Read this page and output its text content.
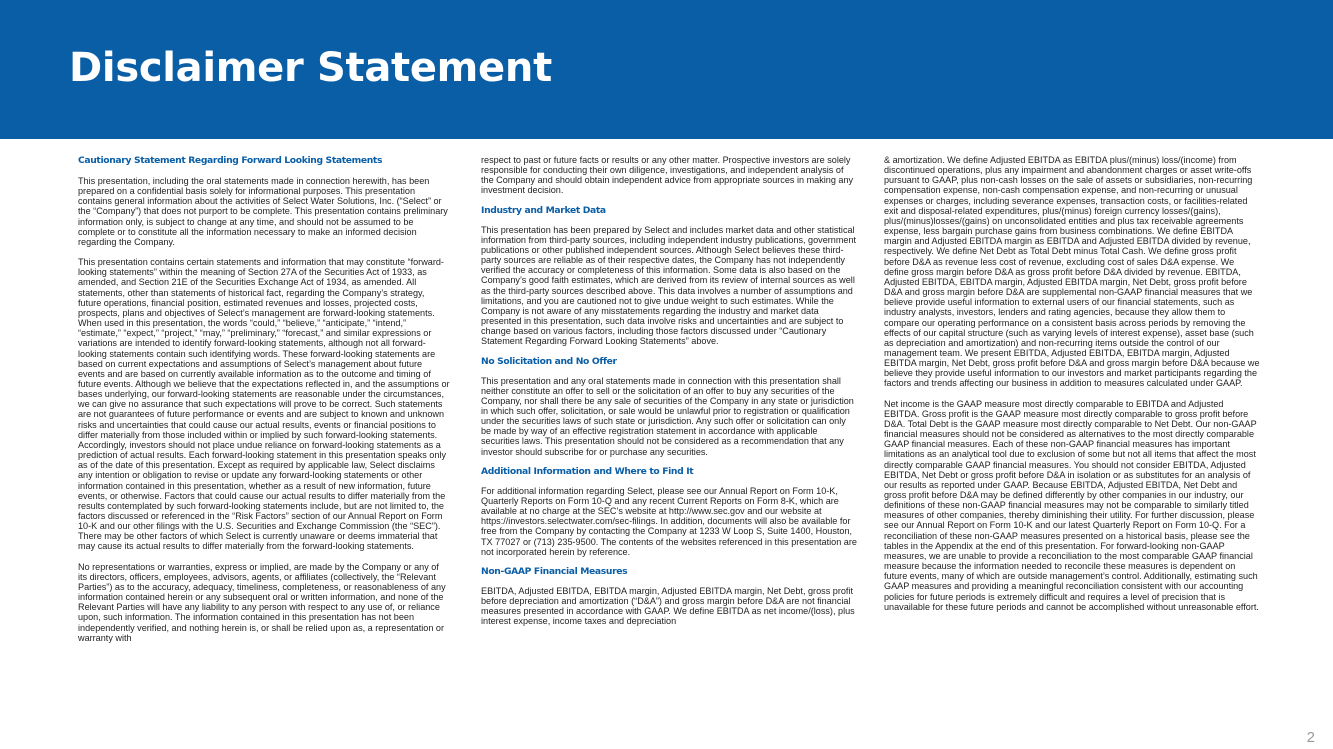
Disclaimer Statement
Cautionary Statement Regarding Forward Looking Statements

This presentation, including the oral statements made in connection herewith, has been prepared on a confidential basis solely for informational purposes. This presentation contains general information about the activities of Select Water Solutions, Inc. (“Select” or the “Company”) that does not purport to be complete. This presentation contains preliminary information only, is subject to change at any time, and should not be assumed to be complete or to constitute all the information necessary to make an informed decision regarding the Company.

This presentation contains certain statements and information that may constitute “forward-looking statements” within the meaning of Section 27A of the Securities Act of 1933, as amended, and Section 21E of the Securities Exchange Act of 1934, as amended. All statements, other than statements of historical fact, regarding the Company’s strategy, future operations, financial position, estimated revenues and losses, projected costs, prospects, plans and objectives of Select’s management are forward-looking statements. When used in this presentation, the words “could,” “believe,” “anticipate,” “intend,” “estimate,” “expect,” “project,” “may,” “preliminary,” “forecast,” and similar expressions or variations are intended to identify forward-looking statements, although not all forward-looking statements contain such identifying words. These forward-looking statements are based on current expectations and assumptions of Select’s management about future events and are based on currently available information as to the outcome and timing of future events. Although we believe that the expectations reflected in, and the assumptions or bases underlying, our forward-looking statements are reasonable under the circumstances, we can give no assurance that such expectations will prove to be correct. Such statements are not guarantees of future performance or events and are subject to known and unknown risks and uncertainties that could cause our actual results, events or financial positions to differ materially from those included within or implied by such forward-looking statements. Accordingly, investors should not place undue reliance on forward-looking statements as a prediction of actual results. Each forward-looking statement in this presentation speaks only as of the date of this presentation. Except as required by applicable law, Select disclaims any intention or obligation to revise or update any forward-looking statements or other information contained in this presentation, whether as a result of new information, future events, or otherwise. Factors that could cause our actual results to differ materially from the results contemplated by such forward-looking statements include, but are not limited to, the factors discussed or referenced in the “Risk Factors” section of our Annual Report on Form 10-K and our other filings with the U.S. Securities and Exchange Commission (the “SEC”). There may be other factors of which Select is currently unaware or deems immaterial that may cause its actual results to differ materially from the forward-looking statements.

No representations or warranties, express or implied, are made by the Company or any of its directors, officers, employees, advisors, agents, or affiliates (collectively, the “Relevant Parties”) as to the accuracy, adequacy, timeliness, completeness, or reasonableness of any information contained herein or any subsequent oral or written information, and none of the Relevant Parties will have any liability to any person with respect to any use of, or reliance upon, such information. The information contained in this presentation has not been independently verified, and nothing herein is, or shall be relied upon as, a representation or warranty with

respect to past or future facts or results or any other matter. Prospective investors are solely responsible for conducting their own diligence, investigations, and independent analysis of the Company and should obtain independent advice from appropriate sources in making any investment decision.

Industry and Market Data

This presentation has been prepared by Select and includes market data and other statistical information from third-party sources, including independent industry publications, government publications or other published independent sources. Although Select believes these third-party sources are reliable as of their respective dates, the Company has not independently verified the accuracy or completeness of this information. Some data is also based on the Company’s good faith estimates, which are derived from its review of internal sources as well as the third-party sources described above. This data involves a number of assumptions and limitations, and you are cautioned not to give undue weight to such estimates. While the Company is not aware of any misstatements regarding the industry and market data presented in this presentation, such data involve risks and uncertainties and are subject to change based on various factors, including those factors discussed under “Cautionary Statement Regarding Forward Looking Statements” above.

No Solicitation and No Offer

This presentation and any oral statements made in connection with this presentation shall neither constitute an offer to sell or the solicitation of an offer to buy any securities of the Company, nor shall there be any sale of securities of the Company in any state or jurisdiction in which such offer, solicitation, or sale would be unlawful prior to registration or qualification under the securities laws of such state or jurisdiction. Any such offer or solicitation can only be made by way of an effective registration statement in accordance with applicable securities laws. This presentation should not be considered as a recommendation that any investor should subscribe for or purchase any securities.

Additional Information and Where to Find It

For additional information regarding Select, please see our Annual Report on Form 10-K, Quarterly Reports on Form 10-Q and any recent Current Reports on Form 8-K, which are available at no charge at the SEC’s website at http://www.sec.gov and our website at https://investors.selectwater.com/sec-filings. In addition, documents will also be available for free from the Company by contacting the Company at 1233 W Loop S, Suite 1400, Houston, TX 77027 or (713) 235-9500. The contents of the websites referenced in this presentation are not incorporated herein by reference.

Non-GAAP Financial Measures

EBITDA, Adjusted EBITDA, EBITDA margin, Adjusted EBITDA margin, Net Debt, gross profit before depreciation and amortization (“D&A”) and gross margin before D&A are not financial measures presented in accordance with GAAP. We define EBITDA as net income/(loss), plus interest expense, income taxes and depreciation

& amortization. We define Adjusted EBITDA as EBITDA plus/(minus) loss/(income) from discontinued operations, plus any impairment and abandonment charges or asset write-offs pursuant to GAAP, plus non-cash losses on the sale of assets or subsidiaries, non-recurring compensation expense, non-cash compensation expense, and non-recurring or unusual expenses or charges, including severance expenses, transaction costs, or facilities-related exit and disposal-related expenditures, plus/(minus) foreign currency losses/(gains), plus/(minus)losses/(gains) on unconsolidated entities and plus tax receivable agreements expense, less bargain purchase gains from business combinations. We define EBITDA margin and Adjusted EBITDA margin as EBITDA and Adjusted EBITDA divided by revenue, respectively. We define Net Debt as Total Debt minus Total Cash. We define gross profit before D&A as revenue less cost of revenue, excluding cost of sales D&A expense. We define gross margin before D&A as gross profit before D&A divided by revenue. EBITDA, Adjusted EBITDA, EBITDA margin, Adjusted EBITDA margin, Net Debt, gross profit before D&A and gross margin before D&A are supplemental non-GAAP financial measures that we believe provide useful information to external users of our financial statements, such as industry analysts, investors, lenders and rating agencies, because they allow them to compare our operating performance on a consistent basis across periods by removing the effects of our capital structure (such as varying levels of interest expense), asset base (such as depreciation and amortization) and non-recurring items outside the control of our management team. We present EBITDA, Adjusted EBITDA, EBITDA margin, Adjusted EBITDA margin, Net Debt, gross profit before D&A and gross margin before D&A because we believe they provide useful information to our investors and market participants regarding the factors and trends affecting our business in addition to measures calculated under GAAP.

Net income is the GAAP measure most directly comparable to EBITDA and Adjusted EBITDA. Gross profit is the GAAP measure most directly comparable to gross profit before D&A. Total Debt is the GAAP measure most directly comparable to Net Debt. Our non-GAAP financial measures should not be considered as alternatives to the most directly comparable GAAP financial measures. Each of these non-GAAP financial measures has important limitations as an analytical tool due to exclusion of some but not all items that affect the most directly comparable GAAP financial measures. You should not consider EBITDA, Adjusted EBITDA, Net Debt or gross profit before D&A in isolation or as substitutes for an analysis of our results as reported under GAAP. Because EBITDA, Adjusted EBITDA, Net Debt and gross profit before D&A may be defined differently by other companies in our industry, our definitions of these non-GAAP financial measures may not be comparable to similarly titled measures of other companies, thereby diminishing their utility. For further discussion, please see our Annual Report on Form 10-K and our latest Quarterly Report on Form 10-Q. For a reconciliation of these non-GAAP measures presented on a historical basis, please see the tables in the Appendix at the end of this presentation. For forward-looking non-GAAP measures, we are unable to provide a reconciliation to the most comparable GAAP financial measure because the information needed to reconcile these measures is dependent on future events, many of which are outside management’s control. Additionally, estimating such GAAP measures and providing a meaningful reconciliation consistent with our accounting policies for future periods is extremely difficult and requires a level of precision that is unavailable for these future periods and cannot be accomplished without unreasonable effort.

2
